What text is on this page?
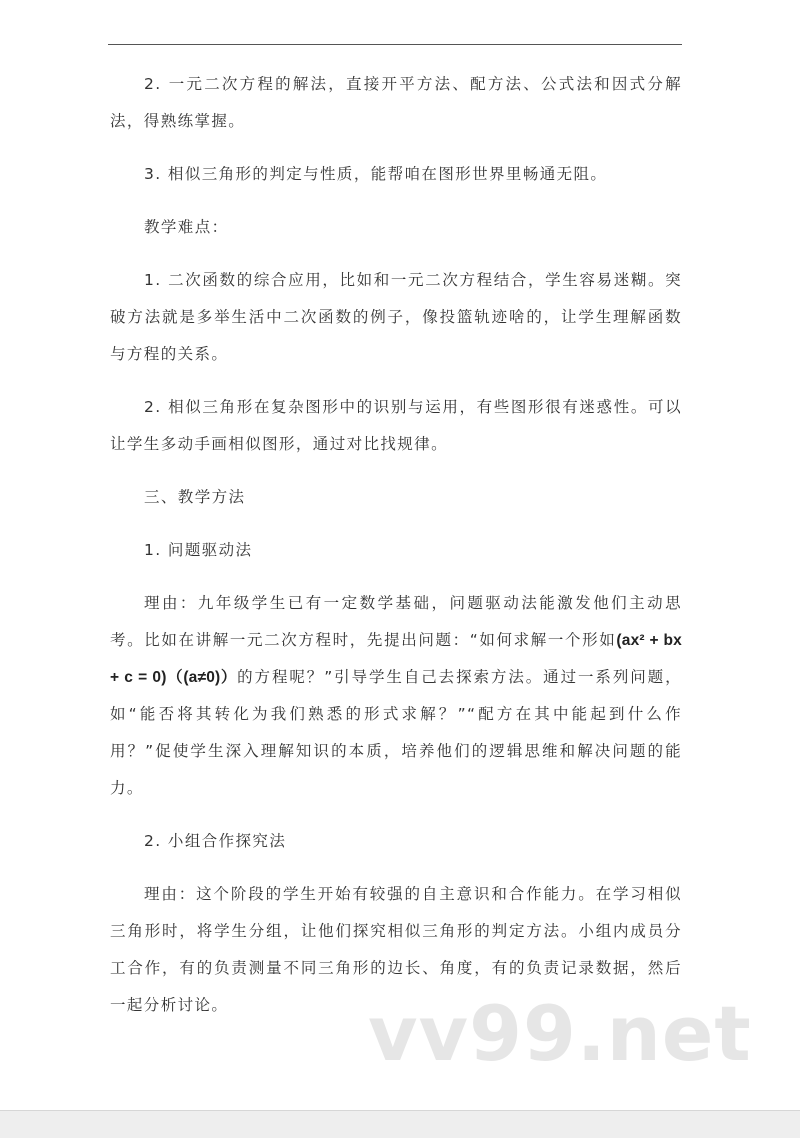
2. 一元二次方程的解法，直接开平方法、配方法、公式法和因式分解法，得熟练掌握。

3. 相似三角形的判定与性质，能帮咱在图形世界里畅通无阻。

教学难点：

1. 二次函数的综合应用，比如和一元二次方程结合，学生容易迷糊。突破方法就是多举生活中二次函数的例子，像投篮轨迹啥的，让学生理解函数与方程的关系。

2. 相似三角形在复杂图形中的识别与运用，有些图形很有迷惑性。可以让学生多动手画相似图形，通过对比找规律。

三、教学方法

1. 问题驱动法

理由：九年级学生已有一定数学基础，问题驱动法能激发他们主动思考。比如在讲解一元二次方程时，先提出问题：“如何求解一个形如(ax² + bx + c = 0)（(a≠0)）的方程呢？”引导学生自己去探索方法。通过一系列问题，如“能否将其转化为我们熟悉的形式求解？”“配方在其中能起到什么作用？”促使学生深入理解知识的本质，培养他们的逻辑思维和解决问题的能力。

2. 小组合作探究法

理由：这个阶段的学生开始有较强的自主意识和合作能力。在学习相似三角形时，将学生分组，让他们探究相似三角形的判定方法。小组内成员分工合作，有的负责测量不同三角形的边长、角度，有的负责记录数据，然后一起分析讨论。	vv99.net
